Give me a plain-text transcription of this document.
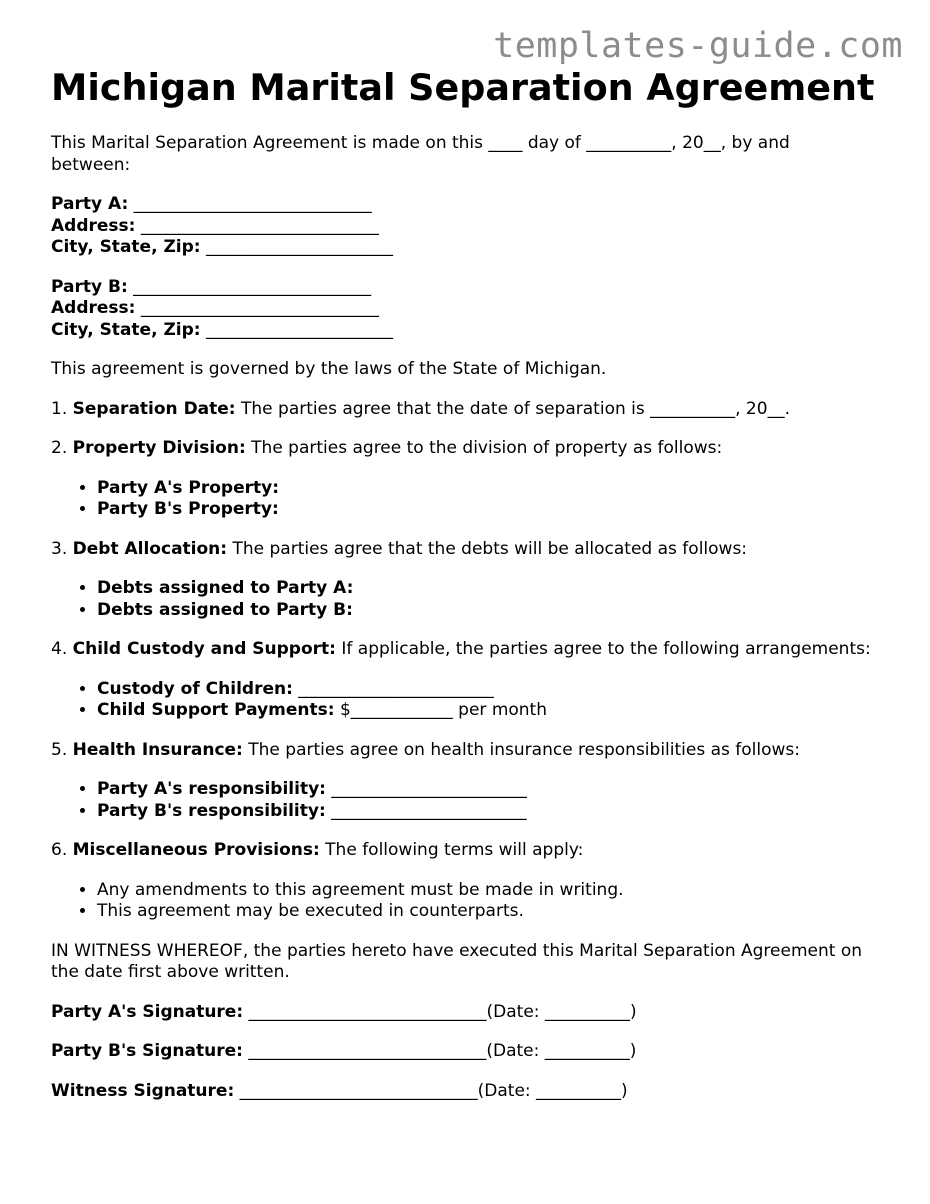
templates-guide.com
Michigan Marital Separation Agreement

This Marital Separation Agreement is made on this ____ day of __________, 20__, by and between:

Party A: ____________________________

Address: ____________________________

City, State, Zip: ______________________

Party B: ____________________________

Address: ____________________________

City, State, Zip: ______________________

This agreement is governed by the laws of the State of Michigan.

1. Separation Date: The parties agree that the date of separation is __________, 20__.

2. Property Division: The parties agree to the division of property as follows:

• Party A's Property:
• Party B's Property:

3. Debt Allocation: The parties agree that the debts will be allocated as follows:

• Debts assigned to Party A:
• Debts assigned to Party B:

4. Child Custody and Support: If applicable, the parties agree to the following arrangements:

• Custody of Children: _______________________
• Child Support Payments: $____________ per month

5. Health Insurance: The parties agree on health insurance responsibilities as follows:

• Party A's responsibility: _______________________
• Party B's responsibility: _______________________

6. Miscellaneous Provisions: The following terms will apply:

• Any amendments to this agreement must be made in writing.
• This agreement may be executed in counterparts.

IN WITNESS WHEREOF, the parties hereto have executed this Marital Separation Agreement on the date first above written.

Party A's Signature: ____________________________(Date: __________)

Party B's Signature: ____________________________(Date: __________)

Witness Signature: ____________________________(Date: __________)
